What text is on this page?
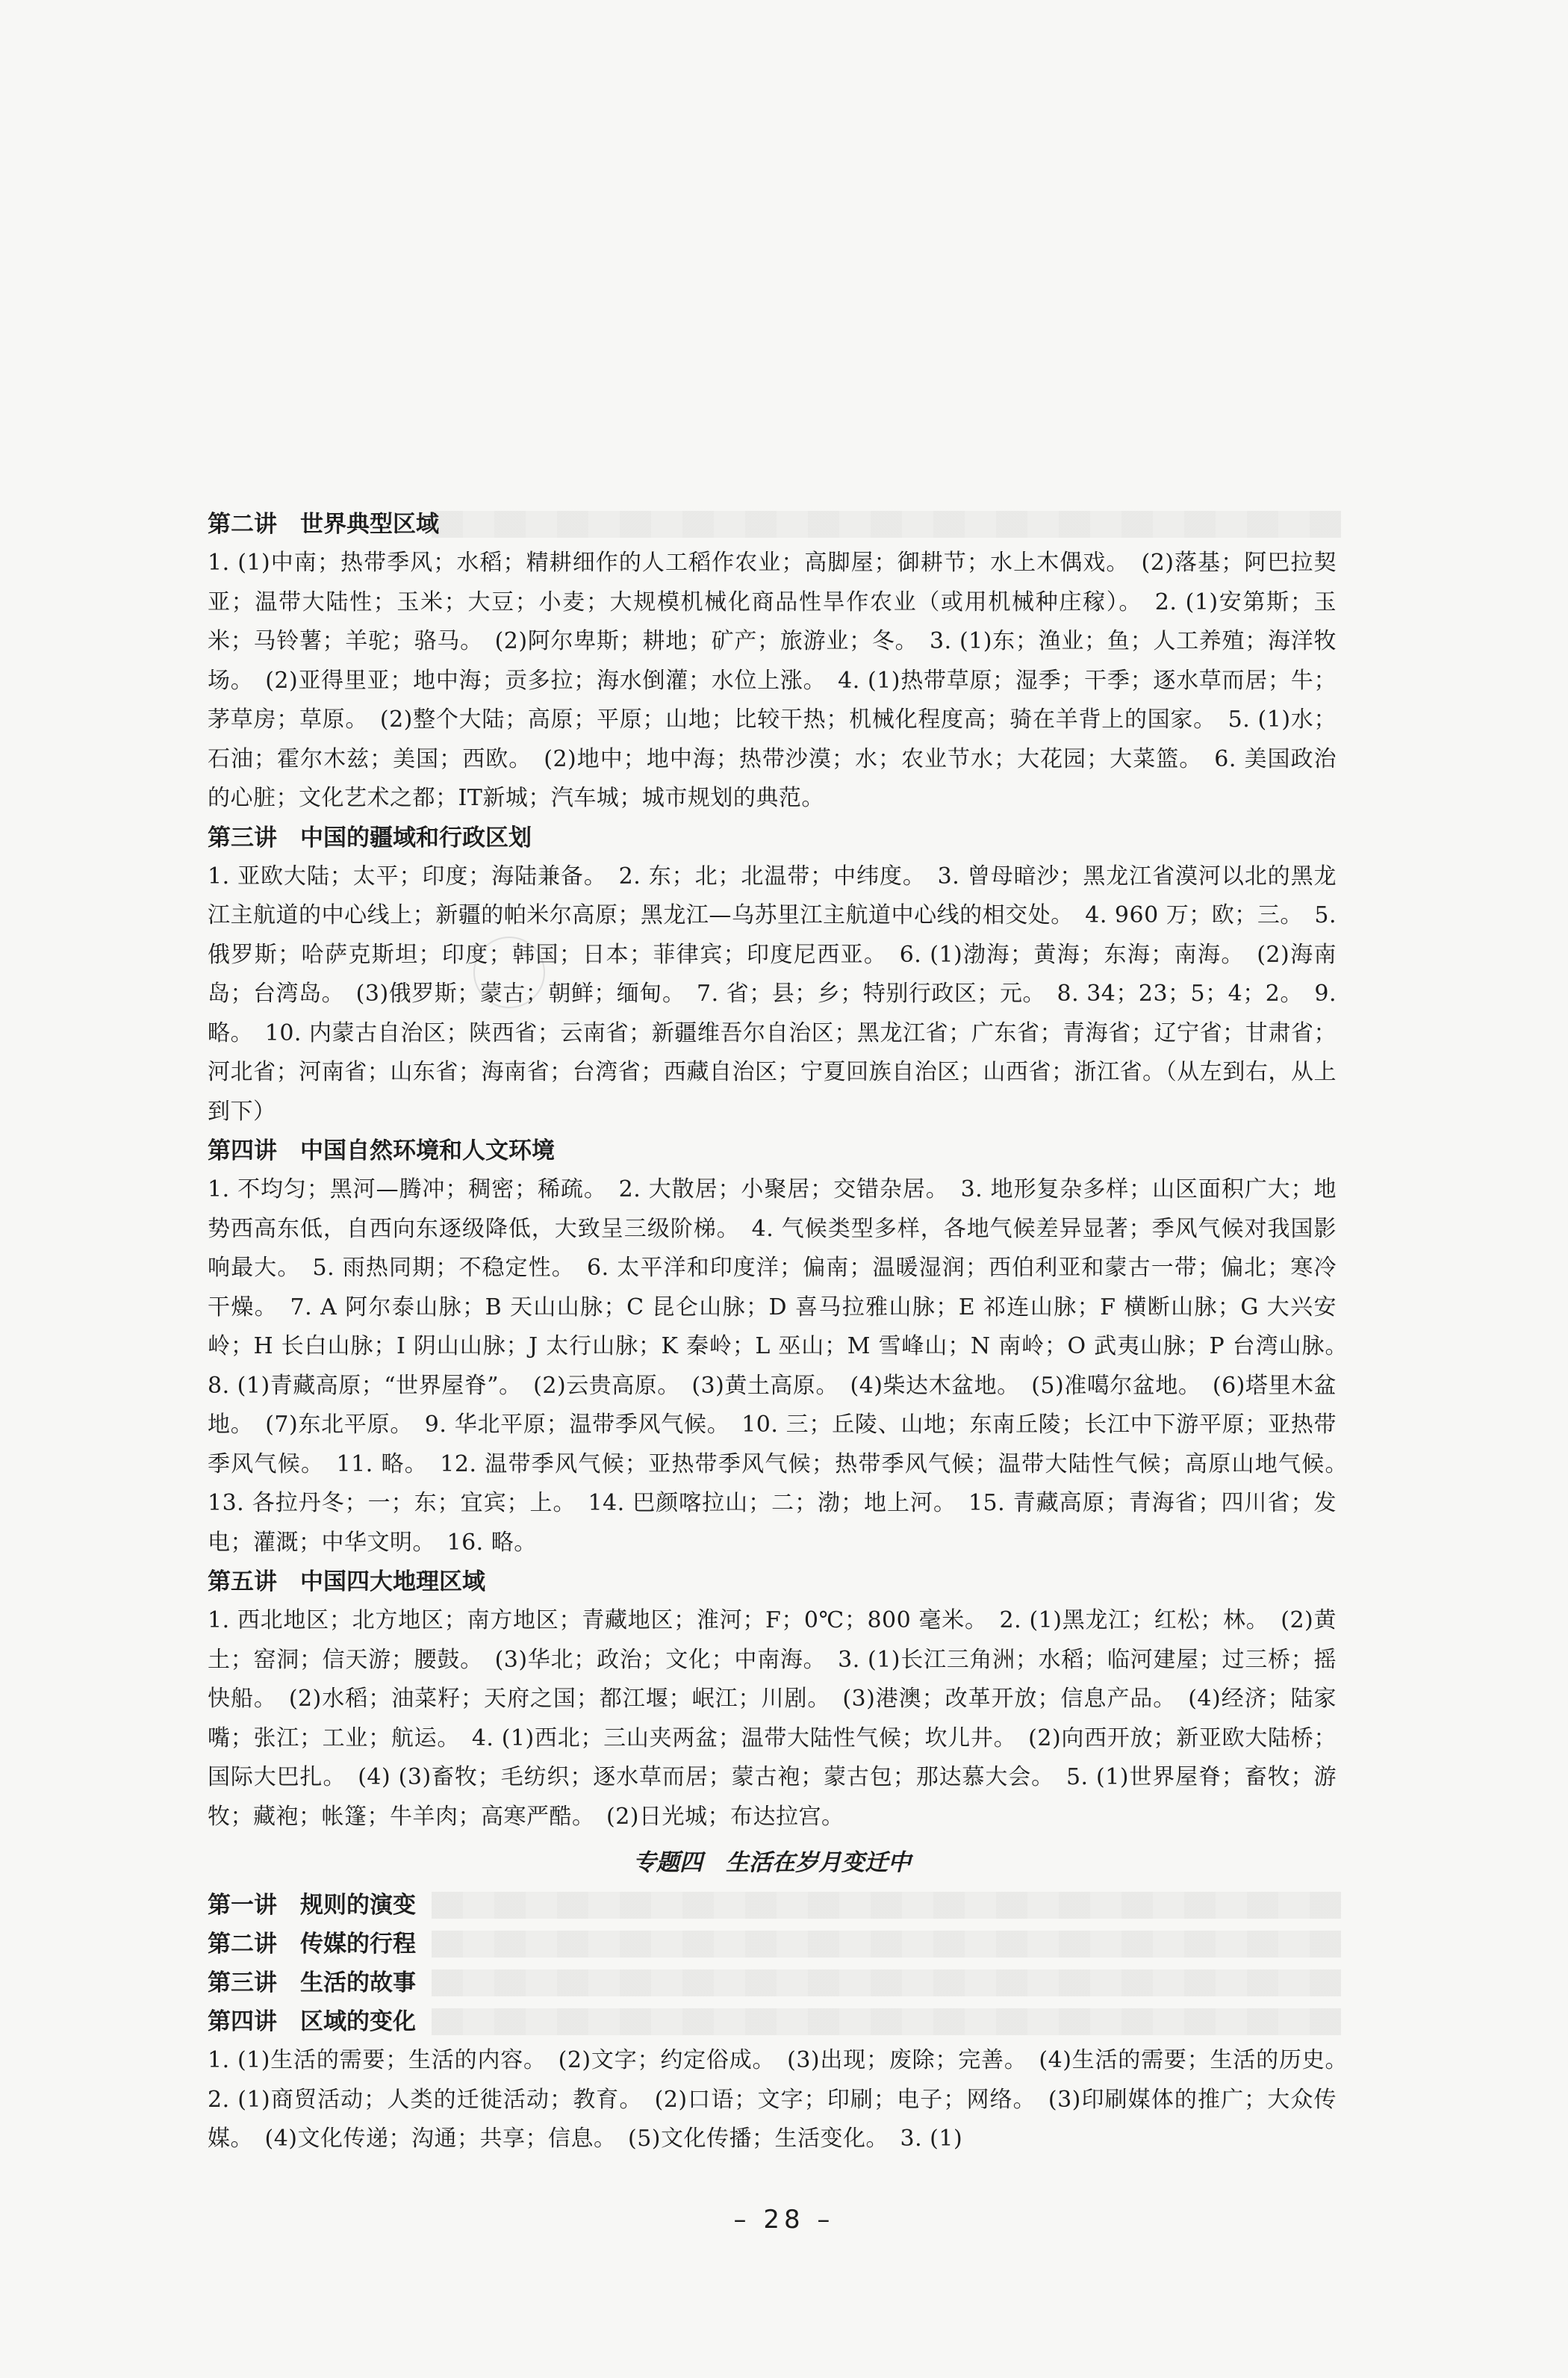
第二讲　世界典型区域

1. (1)中南；热带季风；水稻；精耕细作的人工稻作农业；高脚屋；御耕节；水上木偶戏。　(2)落基；阿巴拉契亚；温带大陆性；玉米；大豆；小麦；大规模机械化商品性旱作农业（或用机械种庄稼）。　2. (1)安第斯；玉米；马铃薯；羊驼；骆马。　(2)阿尔卑斯；耕地；矿产；旅游业；冬。　3. (1)东；渔业；鱼；人工养殖；海洋牧场。　(2)亚得里亚；地中海；贡多拉；海水倒灌；水位上涨。　4. (1)热带草原；湿季；干季；逐水草而居；牛；茅草房；草原。　(2)整个大陆；高原；平原；山地；比较干热；机械化程度高；骑在羊背上的国家。　5. (1)水；石油；霍尔木兹；美国；西欧。　(2)地中；地中海；热带沙漠；水；农业节水；大花园；大菜篮。　6. 美国政治的心脏；文化艺术之都；IT新城；汽车城；城市规划的典范。

第三讲　中国的疆域和行政区划

1. 亚欧大陆；太平；印度；海陆兼备。　2. 东；北；北温带；中纬度。　3. 曾母暗沙；黑龙江省漠河以北的黑龙江主航道的中心线上；新疆的帕米尔高原；黑龙江—乌苏里江主航道中心线的相交处。　4. 960 万；欧；三。　5. 俄罗斯；哈萨克斯坦；印度；韩国；日本；菲律宾；印度尼西亚。　6. (1)渤海；黄海；东海；南海。　(2)海南岛；台湾岛。　(3)俄罗斯；蒙古；朝鲜；缅甸。　7. 省；县；乡；特别行政区；元。　8. 34；23；5；4；2。　9. 略。　10. 内蒙古自治区；陕西省；云南省；新疆维吾尔自治区；黑龙江省；广东省；青海省；辽宁省；甘肃省；河北省；河南省；山东省；海南省；台湾省；西藏自治区；宁夏回族自治区；山西省；浙江省。（从左到右，从上到下）

第四讲　中国自然环境和人文环境

1. 不均匀；黑河—腾冲；稠密；稀疏。　2. 大散居；小聚居；交错杂居。　3. 地形复杂多样；山区面积广大；地势西高东低，自西向东逐级降低，大致呈三级阶梯。　4. 气候类型多样，各地气候差异显著；季风气候对我国影响最大。　5. 雨热同期；不稳定性。　6. 太平洋和印度洋；偏南；温暖湿润；西伯利亚和蒙古一带；偏北；寒冷干燥。　7. A 阿尔泰山脉；B 天山山脉；C 昆仑山脉；D 喜马拉雅山脉；E 祁连山脉；F 横断山脉；G 大兴安岭；H 长白山脉；I 阴山山脉；J 太行山脉；K 秦岭；L 巫山；M 雪峰山；N 南岭；O 武夷山脉；P 台湾山脉。　8. (1)青藏高原；“世界屋脊”。　(2)云贵高原。　(3)黄土高原。　(4)柴达木盆地。　(5)准噶尔盆地。　(6)塔里木盆地。　(7)东北平原。　9. 华北平原；温带季风气候。　10. 三；丘陵、山地；东南丘陵；长江中下游平原；亚热带季风气候。　11. 略。　12. 温带季风气候；亚热带季风气候；热带季风气候；温带大陆性气候；高原山地气候。　13. 各拉丹冬；一；东；宜宾；上。　14. 巴颜喀拉山；二；渤；地上河。　15. 青藏高原；青海省；四川省；发电；灌溉；中华文明。　16. 略。

第五讲　中国四大地理区域

1. 西北地区；北方地区；南方地区；青藏地区；淮河；F；0℃；800 毫米。　2. (1)黑龙江；红松；林。　(2)黄土；窑洞；信天游；腰鼓。　(3)华北；政治；文化；中南海。　3. (1)长江三角洲；水稻；临河建屋；过三桥；摇快船。　(2)水稻；油菜籽；天府之国；都江堰；岷江；川剧。　(3)港澳；改革开放；信息产品。　(4)经济；陆家嘴；张江；工业；航运。　4. (1)西北；三山夹两盆；温带大陆性气候；坎儿井。　(2)向西开放；新亚欧大陆桥；国际大巴扎。　(4) (3)畜牧；毛纺织；逐水草而居；蒙古袍；蒙古包；那达慕大会。　5. (1)世界屋脊；畜牧；游牧；藏袍；帐篷；牛羊肉；高寒严酷。　(2)日光城；布达拉宫。

专题四　生活在岁月变迁中
第一讲　规则的演变
第二讲　传媒的行程
第三讲　生活的故事
第四讲　区域的变化

1. (1)生活的需要；生活的内容。　(2)文字；约定俗成。　(3)出现；废除；完善。　(4)生活的需要；生活的历史。　2. (1)商贸活动；人类的迁徙活动；教育。　(2)口语；文字；印刷；电子；网络。　(3)印刷媒体的推广；大众传媒。　(4)文化传递；沟通；共享；信息。　(5)文化传播；生活变化。　3. (1)

– 28 –
